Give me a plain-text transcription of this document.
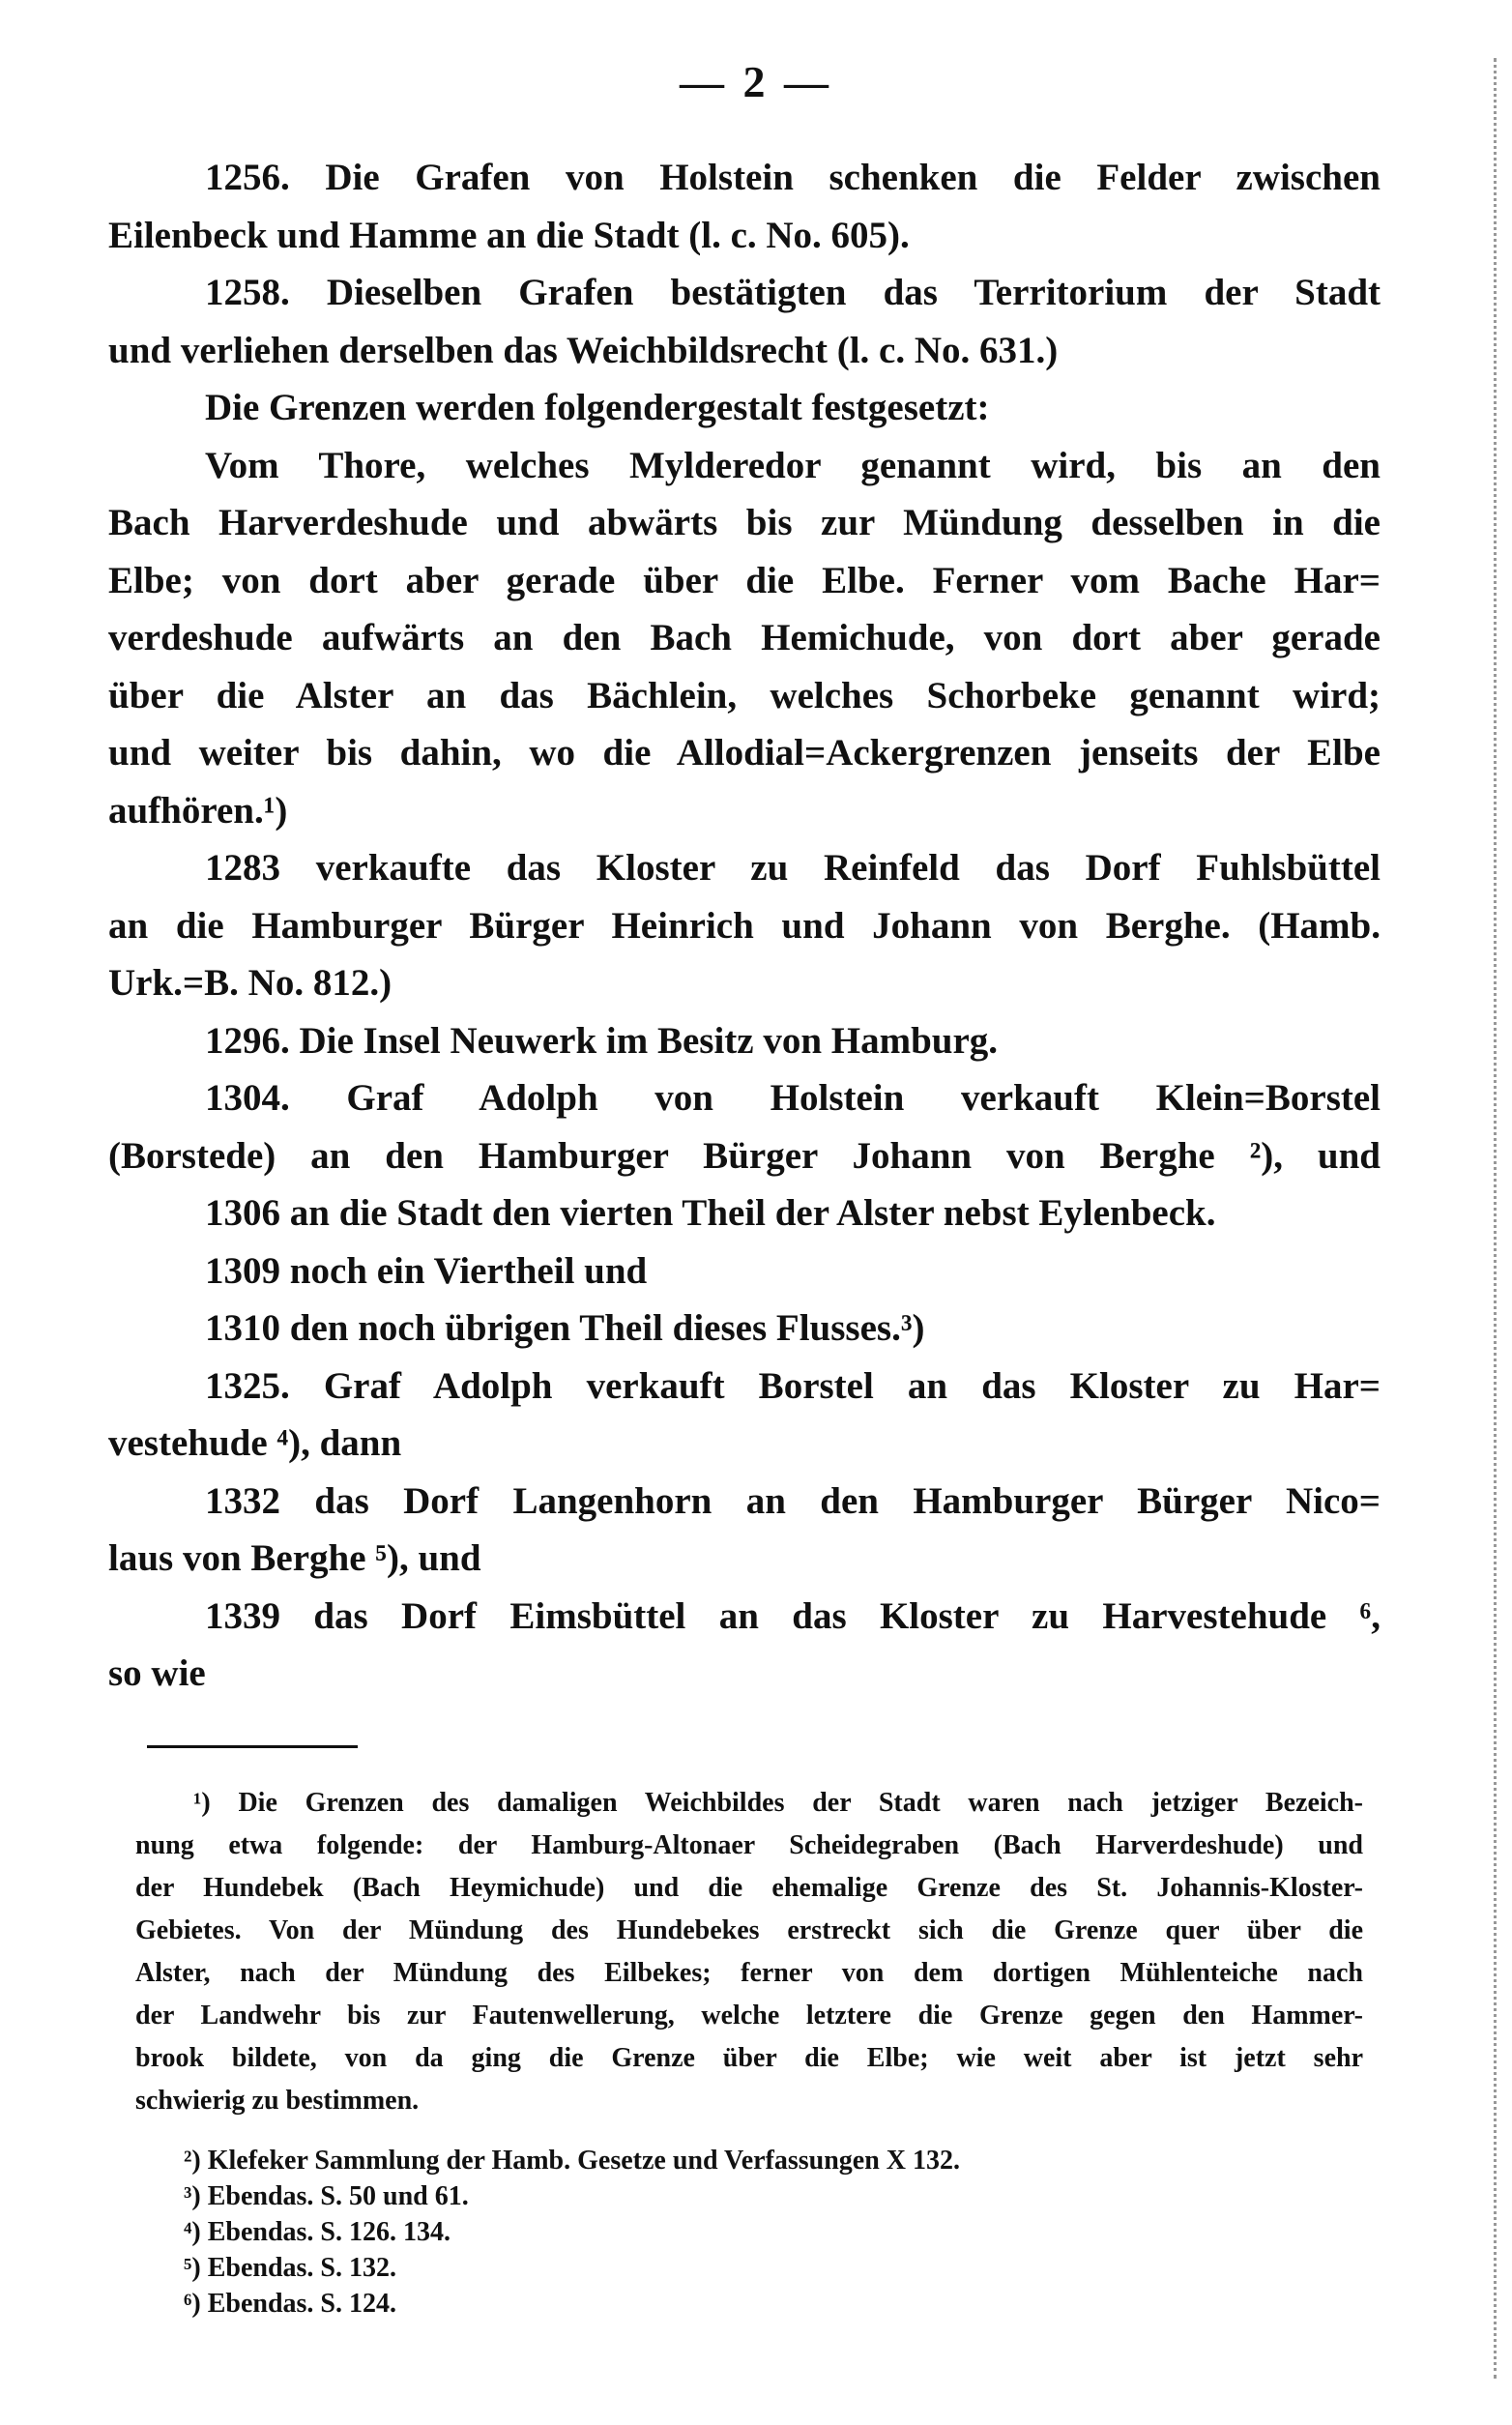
— 2 —
1256. Die Grafen von Holstein schenken die Felder zwischen
Eilenbeck und Hamme an die Stadt (l. c. No. 605).
1258. Dieselben Grafen bestätigten das Territorium der Stadt
und verliehen derselben das Weichbildsrecht (l. c. No. 631.)
Die Grenzen werden folgendergestalt festgesetzt:
Vom Thore, welches Mylderedor genannt wird, bis an den
Bach Harverdeshude und abwärts bis zur Mündung desselben in die
Elbe; von dort aber gerade über die Elbe. Ferner vom Bache Har=
verdeshude aufwärts an den Bach Hemichude, von dort aber gerade
über die Alster an das Bächlein, welches Schorbeke genannt wird;
und weiter bis dahin, wo die Allodial=Ackergrenzen jenseits der Elbe
aufhören.¹)
1283 verkaufte das Kloster zu Reinfeld das Dorf Fuhlsbüttel
an die Hamburger Bürger Heinrich und Johann von Berghe. (Hamb.
Urk.=B. No. 812.)
1296. Die Insel Neuwerk im Besitz von Hamburg.
1304. Graf Adolph von Holstein verkauft Klein=Borstel
(Borstede) an den Hamburger Bürger Johann von Berghe ²), und
1306 an die Stadt den vierten Theil der Alster nebst Eylenbeck.
1309 noch ein Viertheil und
1310 den noch übrigen Theil dieses Flusses.³)
1325. Graf Adolph verkauft Borstel an das Kloster zu Har=
vestehude ⁴), dann
1332 das Dorf Langenhorn an den Hamburger Bürger Nico=
laus von Berghe ⁵), und
1339 das Dorf Eimsbüttel an das Kloster zu Harvestehude ⁶,
so wie
¹) Die Grenzen des damaligen Weichbildes der Stadt waren nach jetziger Bezeich-
nung etwa folgende: der Hamburg-Altonaer Scheidegraben (Bach Harverdeshude) und
der Hundebek (Bach Heymichude) und die ehemalige Grenze des St. Johannis-Kloster-
Gebietes. Von der Mündung des Hundebekes erstreckt sich die Grenze quer über die
Alster, nach der Mündung des Eilbekes; ferner von dem dortigen Mühlenteiche nach
der Landwehr bis zur Fautenwellerung, welche letztere die Grenze gegen den Hammer-
brook bildete, von da ging die Grenze über die Elbe; wie weit aber ist jetzt sehr
schwierig zu bestimmen.
²) Klefeker Sammlung der Hamb. Gesetze und Verfassungen X 132.
³) Ebendas. S. 50 und 61.
⁴) Ebendas. S. 126. 134.
⁵) Ebendas. S. 132.
⁶) Ebendas. S. 124.
